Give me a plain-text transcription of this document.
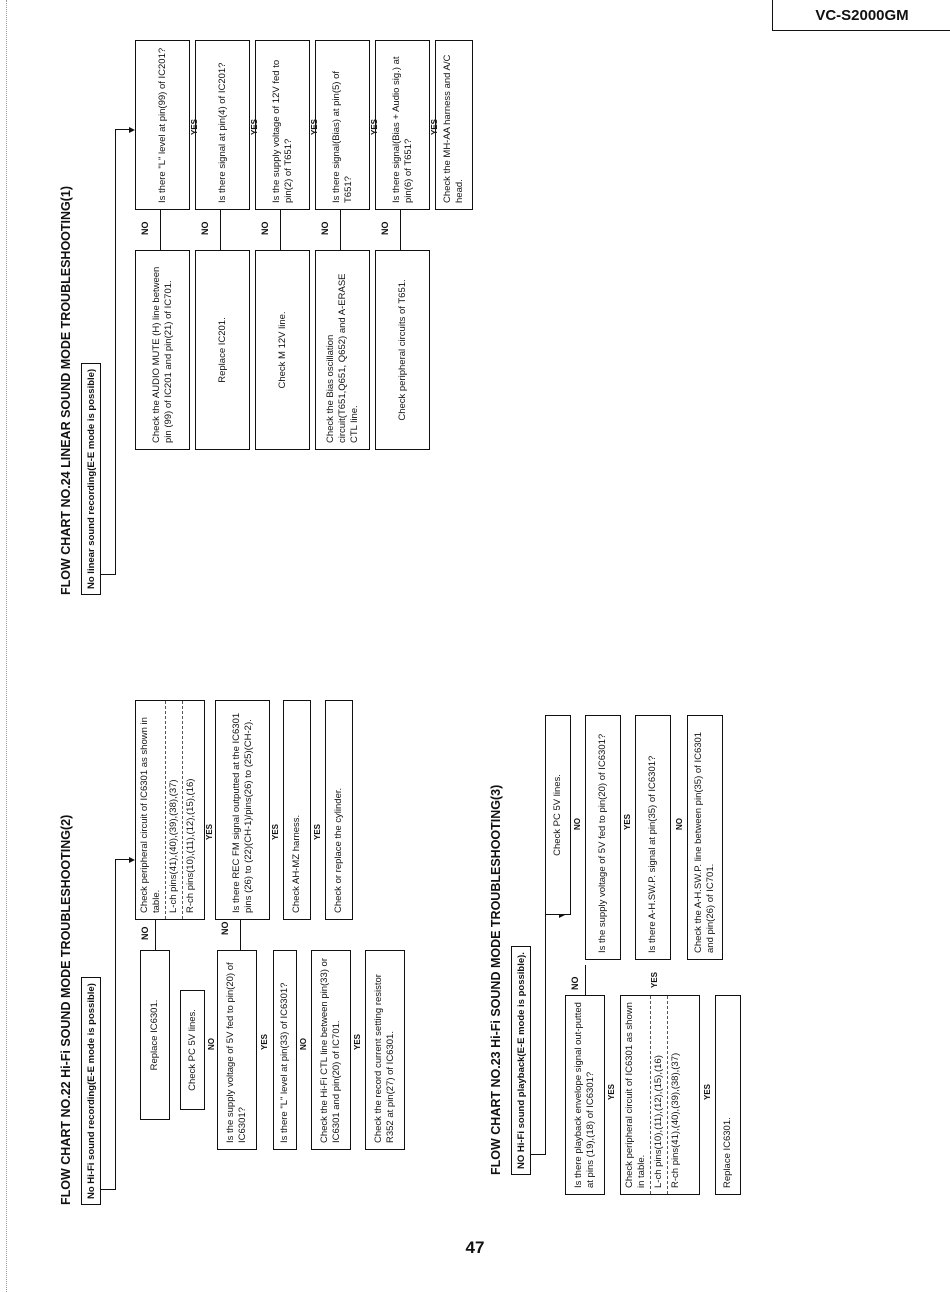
VC-S2000GM
FLOW CHART NO.24 LINEAR SOUND MODE TROUBLESHOOTING(1)	No linear sound recording(E-E mode is possible)
Is there "L" level at pin(99) of IC201?	Is there signal at pin(4) of IC201?	Is the supply voltage of 12V fed to pin(2) of T651?	Is there signal(Bias) at pin(5) of T651?	Is there signal(Bias + Audio sig.) at pin(6) of T651?	Check the MH-AA harness and A/C head.
NO	NO	NO	NO	NO
Check the AUDIO MUTE (H) line between pin (99) of IC201 and pin(21) of IC701.	Replace IC201.	Check M 12V line.	Check the Bias oscillation circuit(T651,Q651, Q652) and A-ERASE CTL line.
Check peripheral circuits of T651.
YES	YES	YES	YES	YES
FLOW CHART NO.22 Hi-Fi SOUND MODE TROUBLESHOOTING(2)	No Hi-Fi sound recording(E-E mode is possible)
Check peripheral circuit of IC6301 as shown in table. L-ch pins(41),(40),(39),(38),(37) R-ch pins(10),(11),(12),(15),(16)
NO
Replace IC6301.
YES Is there REC FM signal outputted at the IC6301 pins (26) to (22)(CH-1)/pins(26) to (25)(CH-2).
NO
Check PC 5V lines. NO Is the supply voltage of 5V fed to pin(20) of IC6301?
YES Is there "L" level at pin(33) of IC6301? NO Check the Hi-Fi CTL line between pin(33) or IC6301 and pin(20) of IC701. YES Check the record current setting resistor R352 at pin(27) of IC6301.
YES Check AH-MZ harness. YES Check or replace the cylinder.	FLOW CHART NO.23 Hi-Fi SOUND MODE TROUBLESHOOTING(3)	NO Hi-Fi sound playback(E-E mode is possible).	Is there playback envelope signal out-putted at pins (19),(18) of IC6301?
NO
YES Check peripheral circuit of IC6301 as shown in table. L-ch pins(10),(11),(12),(15),(16) R-ch pins(41),(40),(39),(38),(37)	YES
Replace IC6301.
Check PC 5V lines. NO Is the supply voltage of 5V fed to pin(20) of IC6301? YES
YES
Is there A-H.SW.P. signal at pin(35) of IC6301? NO Check the A-H.SW.P. line between pin(35) of IC6301 and pin(26) of IC701.
47
